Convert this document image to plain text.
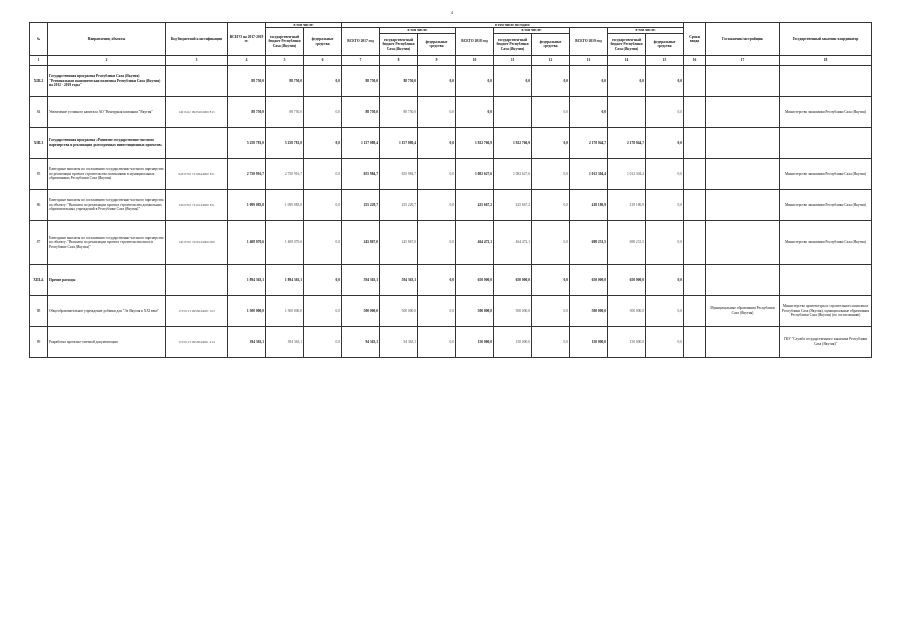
4
№	Направления, объекты	Код бюджетной классификации	ВСЕГО на 2017-2019 гг.	в том числе:		в том числе по годам:									Сроки ввода	Госзаказчик/застройщик	Государственный заказчик-координатор
				государствен-ный бюджет Республики Саха (Якутия)	федеральные средства	ВСЕГО 2017 год	в том числе:		ВСЕГО 2018 год	в том числе:		ВСЕГО 2019 год	в том числе:				
							государствен-ный бюджет Республики Саха (Якутия)	федеральные средства		государствен-ный бюджет Республики Саха (Якутия)	федеральные средства		государствен-ный бюджет Республики Саха (Якутия)	федеральные средства			

1	2	3	4	5	6	7	8	9	10	11	12	13	14	15	16	17	18
XIII.2	Государственная программа Республики Саха (Якутия) "Региональная экономическая политика Республики Саха (Якутия) на 2012 - 2019 годы"		88 750,0	88 750,0	0,0	88 750,0	88 750,0	0,0	0,0	0,0	0,0	0,0	0,0	0,0			
84	Увеличение уставного капитала АО "Венчурная компания "Якутия"	140 0412 0925204000 813	88 750,0	88 750,0	0,0	88 750,0	88 750,0	0,0	0,0		0,0	0,0		0,0			Министерство экономики Республики Саха (Якутия)
XIII.3	Государственная программа «Развитие государственно-частного партнерства и реализация долгосрочных инвестиционных проектов»		5 258 781,0	5 258 781,0	0,0	1 157 080,4	1 157 080,4	0,0	1 922 766,9	1 922 766,9	0,0	2 178 944,7	2 178 944,7	0,0			
85	Ежегодные выплаты по соглашению государственно-частного партнерства по реализации проекта строительства поликлиник в муниципальных образованиях Республики Саха (Якутия)	940 0702 7210644000 811	2 750 916,7	2 750 916,7	0,0	655 984,7	655 984,7	0,0	1 082 627,6	1 082 627,6	0,0	1 012 304,4	1 012 304,4	0,0			Министерство экономики Республики Саха (Якутия)
86	Ежегодные выплаты по соглашению государственно-частного партнерства по объекту: "Выплаты по реализации проекта строительства дошкольных образовательных учреждений в Республике Саха (Якутия)"	140 0702 7210144000 811	1 099 083,8	1 099 083,8	0,0	255 229,7	255 229,7	0,0	425 667,2	425 667,2	0,0	418 186,9	418 186,9	0,0			Министерство экономики Республики Саха (Якутия)
87	Ежегодные выплаты по соглашению государственно-частного партнерства по объекту: "Выплаты по реализации проекта строительства школ в Республике Саха (Якутия)"	140 0702 7220144000 000	1 408 070,6	1 408 070,6	0,0	245 867,0	245 867,0	0,0	464 472,1	464 472,1	0,0	698 231,5	698 231,5	0,0			Министерство экономики Республики Саха (Якутия)
XIII.4.	Прочие расходы		1 894 363,1	1 894 363,1	0,0	594 363,1	594 363,1	0,0	650 000,0	650 000,0	0,0	650 000,0	650 000,0	0,0			
88	Общеобразовательное учреждение добавки для "Эл Якутия в XXI веке"	170 0113 9950044001 523	1 500 000,0	1 500 000,0	0,0	500 000,0	500 000,0	0,0	500 000,0	500 000,0	0,0	500 000,0	500 000,0	0,0		Муниципальные образования Республики Саха (Якутия)	Министерство архитектуры и строительного комплекса Республики Саха (Якутия), муниципальные образования Республики Саха (Якутия) (по согласованию)
89	Разработка проектно-сметной документации	170 0113 9950044001 414	394 363,1	394 363,1	0,0	94 363,1	94 363,1	0,0	150 000,0	150 000,0	0,0	150 000,0	150 000,0	0,0			ГКУ "Служба государственного заказчика Республики Саха (Якутия)"
